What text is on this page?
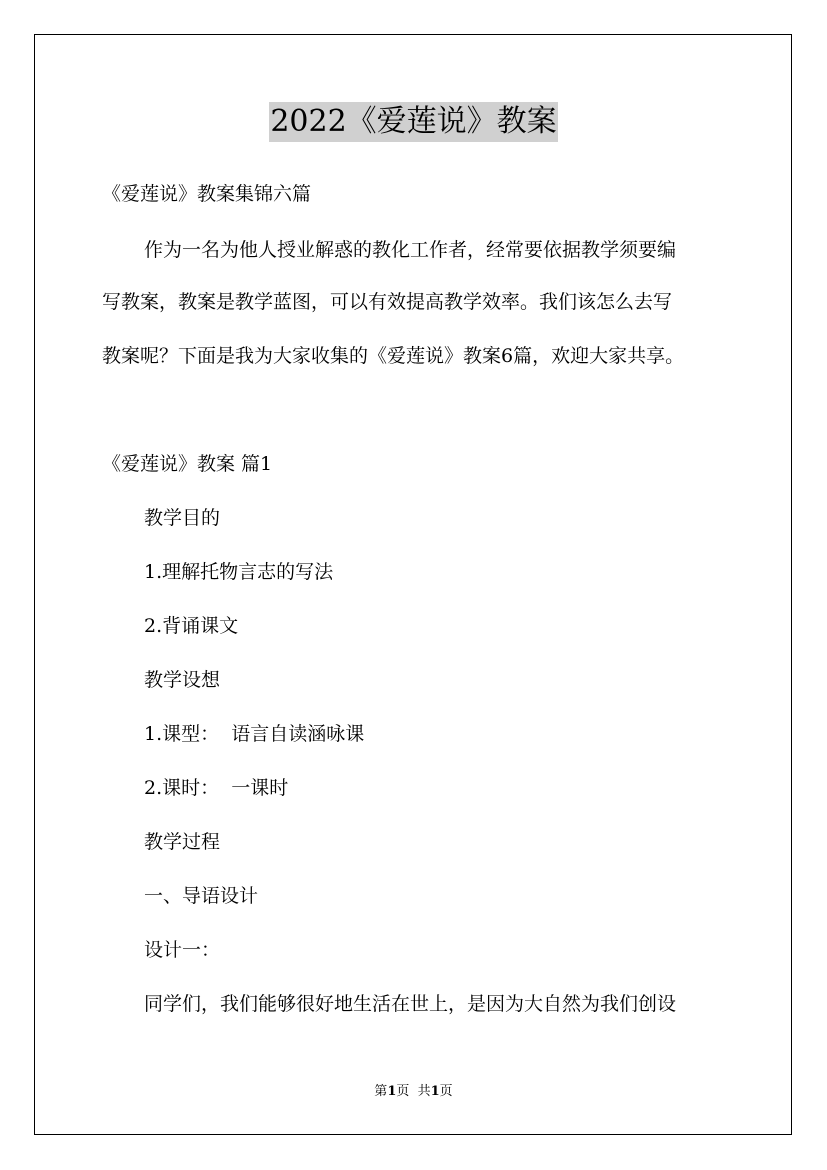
2022《爱莲说》教案
《爱莲说》教案集锦六篇
作为一名为他人授业解惑的教化工作者，经常要依据教学须要编
写教案，教案是教学蓝图，可以有效提高教学效率。我们该怎么去写
教案呢？下面是我为大家收集的《爱莲说》教案6篇，欢迎大家共享。
《爱莲说》教案 篇1
教学目的
1.理解托物言志的写法
2.背诵课文
教学设想
1.课型：  语言自读涵咏课
2.课时：  一课时
教学过程
一、导语设计
设计一：
同学们，我们能够很好地生活在世上，是因为大自然为我们创设
第1页  共1页
